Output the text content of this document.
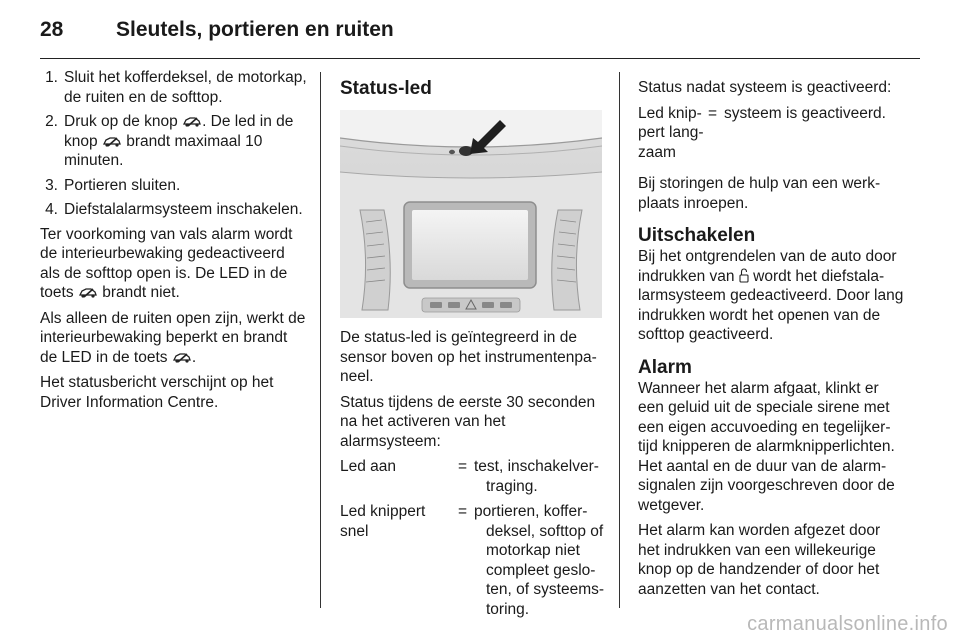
28	Sleutels, portieren en ruiten
1. Sluit het kofferdeksel, de motorkap, de ruiten en de softtop.
2. Druk op de knop . De led in de knop brandt maximaal 10 minuten.
3. Portieren sluiten.
4. Diefstalalarmsysteem inschakelen.

Ter voorkoming van vals alarm wordt de interieurbewaking gedeactiveerd als de softtop open is. De LED in de toets brandt niet.

Als alleen de ruiten open zijn, werkt de interieurbewaking beperkt en brandt de LED in de toets .

Het statusbericht verschijnt op het Driver Information Centre.

Status-led

De status-led is geïntegreerd in de sensor boven op het instrumentenpaneel.

Status tijdens de eerste 30 seconden na het activeren van het alarmsysteem:

Led aan	= test, inschakelver-
traging.
Led knippert snel
= portieren, koffer-
deksel, softtop of motorkap niet compleet gesloten, of systeemstoring.

Status nadat systeem is geactiveerd:

Led knippert langzaam
= systeem is geactiveerd.

Bij storingen de hulp van een werkplaats inroepen.

Uitschakelen

Bij het ontgrendelen van de auto door indrukken van wordt het diefstalalarmsysteem gedeactiveerd. Door lang indrukken wordt het openen van de softtop geactiveerd.

Alarm

Wanneer het alarm afgaat, klinkt er een geluid uit de speciale sirene met een eigen accuvoeding en tegelijkertijd knipperen de alarmknipperlichten. Het aantal en de duur van de alarmsignalen zijn voorgeschreven door de wetgever.

Het alarm kan worden afgezet door het indrukken van een willekeurige knop op de handzender of door het aanzetten van het contact.

carmanualsonline.info
